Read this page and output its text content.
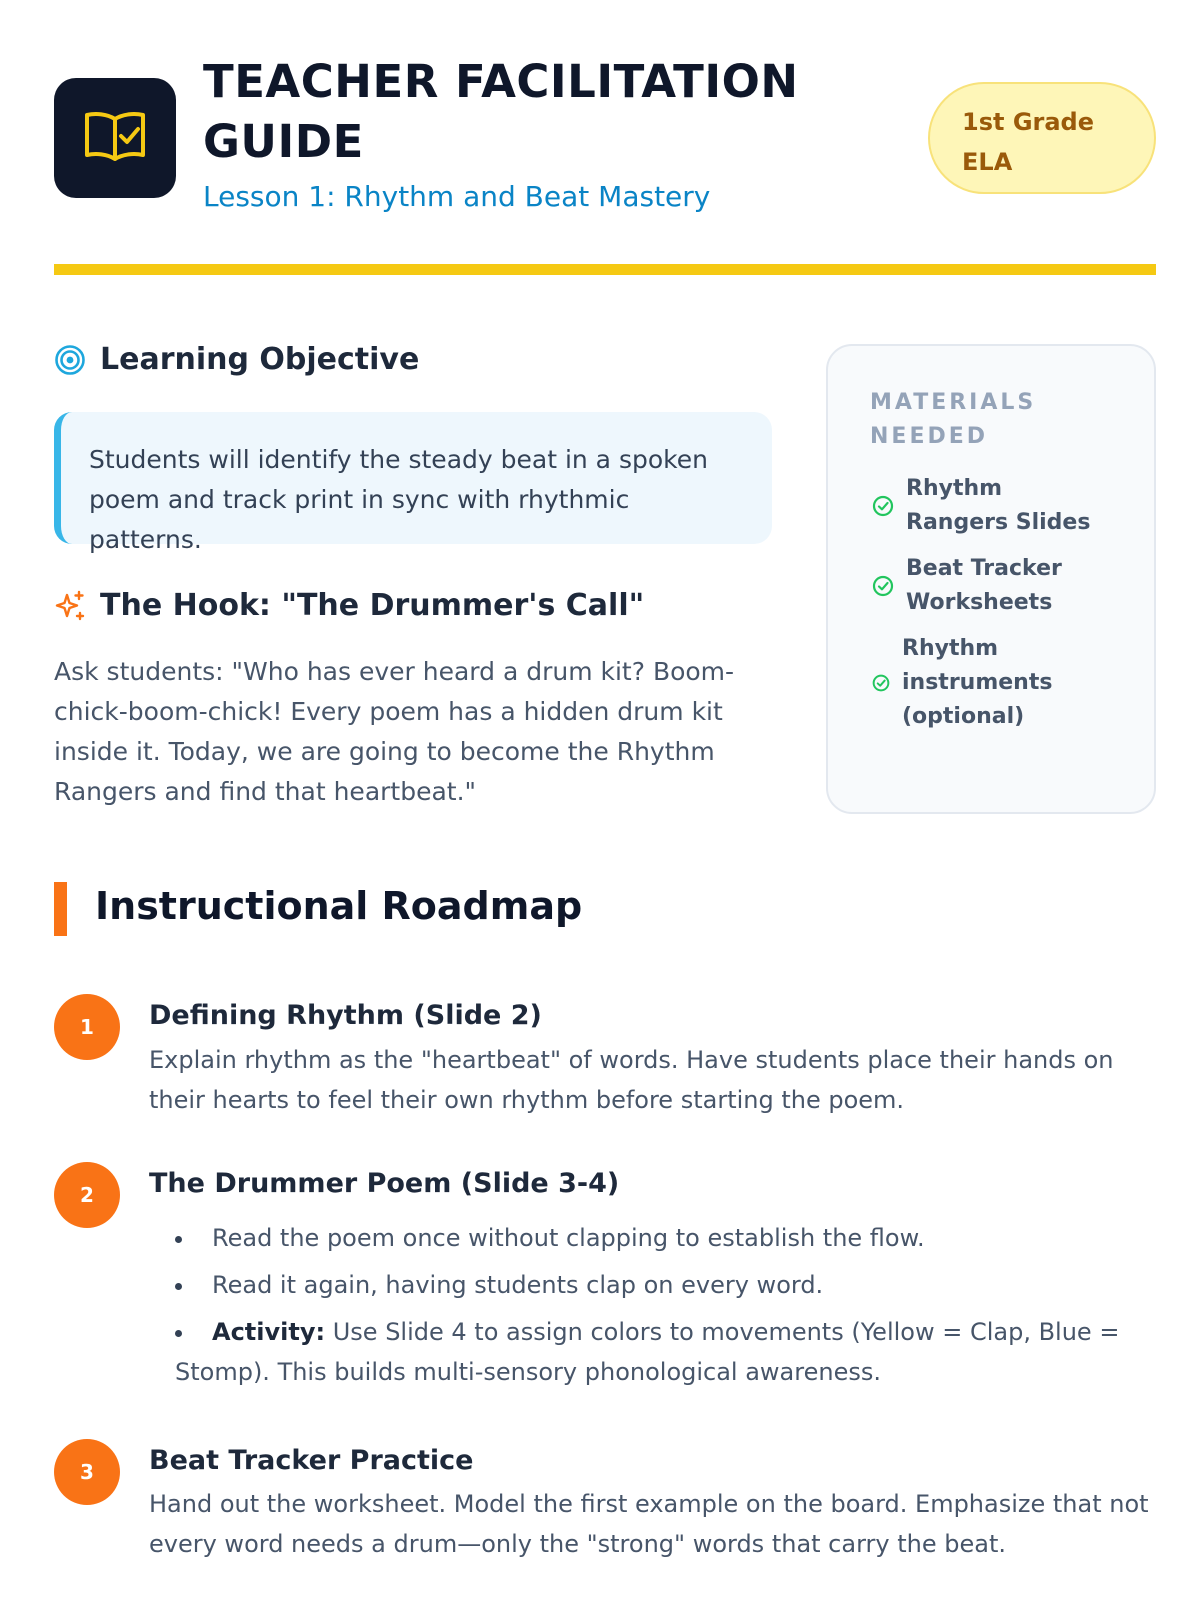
TEACHER FACILITATION GUIDE
Lesson 1: Rhythm and Beat Mastery
1st Grade
ELA
Learning Objective
Students will identify the steady beat in a spoken poem and track print in sync with rhythmic patterns.
The Hook: "The Drummer's Call"

Ask students: "Who has ever heard a drum kit? Boom-chick-boom-chick! Every poem has a hidden drum kit inside it. Today, we are going to become the Rhythm Rangers and find that heartbeat."

MATERIALS NEEDED
Rhythm Rangers Slides
Beat Tracker Worksheets
Rhythm instruments (optional)
Instructional Roadmap
1	Defining Rhythm (Slide 2)

Explain rhythm as the "heartbeat" of words. Have students place their hands on their hearts to feel their own rhythm before starting the poem.

2	The Drummer Poem (Slide 3-4)
Read the poem once without clapping to establish the flow.
Read it again, having students clap on every word.
Activity: Use Slide 4 to assign colors to movements (Yellow = Clap, Blue = Stomp). This builds multi-sensory phonological awareness.
3	Beat Tracker Practice

Hand out the worksheet. Model the first example on the board. Emphasize that not every word needs a drum—only the "strong" words that carry the beat.
